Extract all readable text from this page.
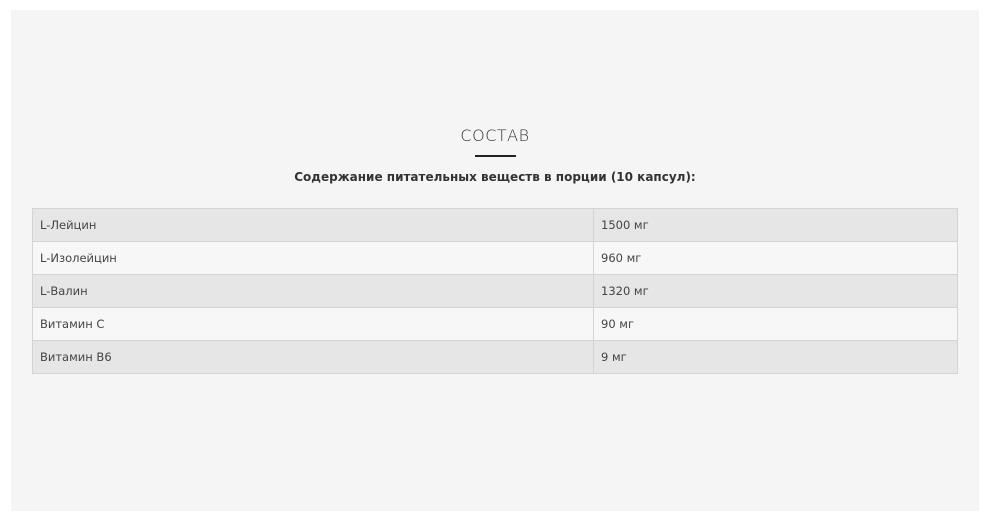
СОСТАВ
Содержание питательных веществ в порции (10 капсул):
L-Лейцин	1500 мг
L-Изолейцин	960 мг
L-Валин	1320 мг
Витамин С	90 мг
Витамин В6	9 мг
